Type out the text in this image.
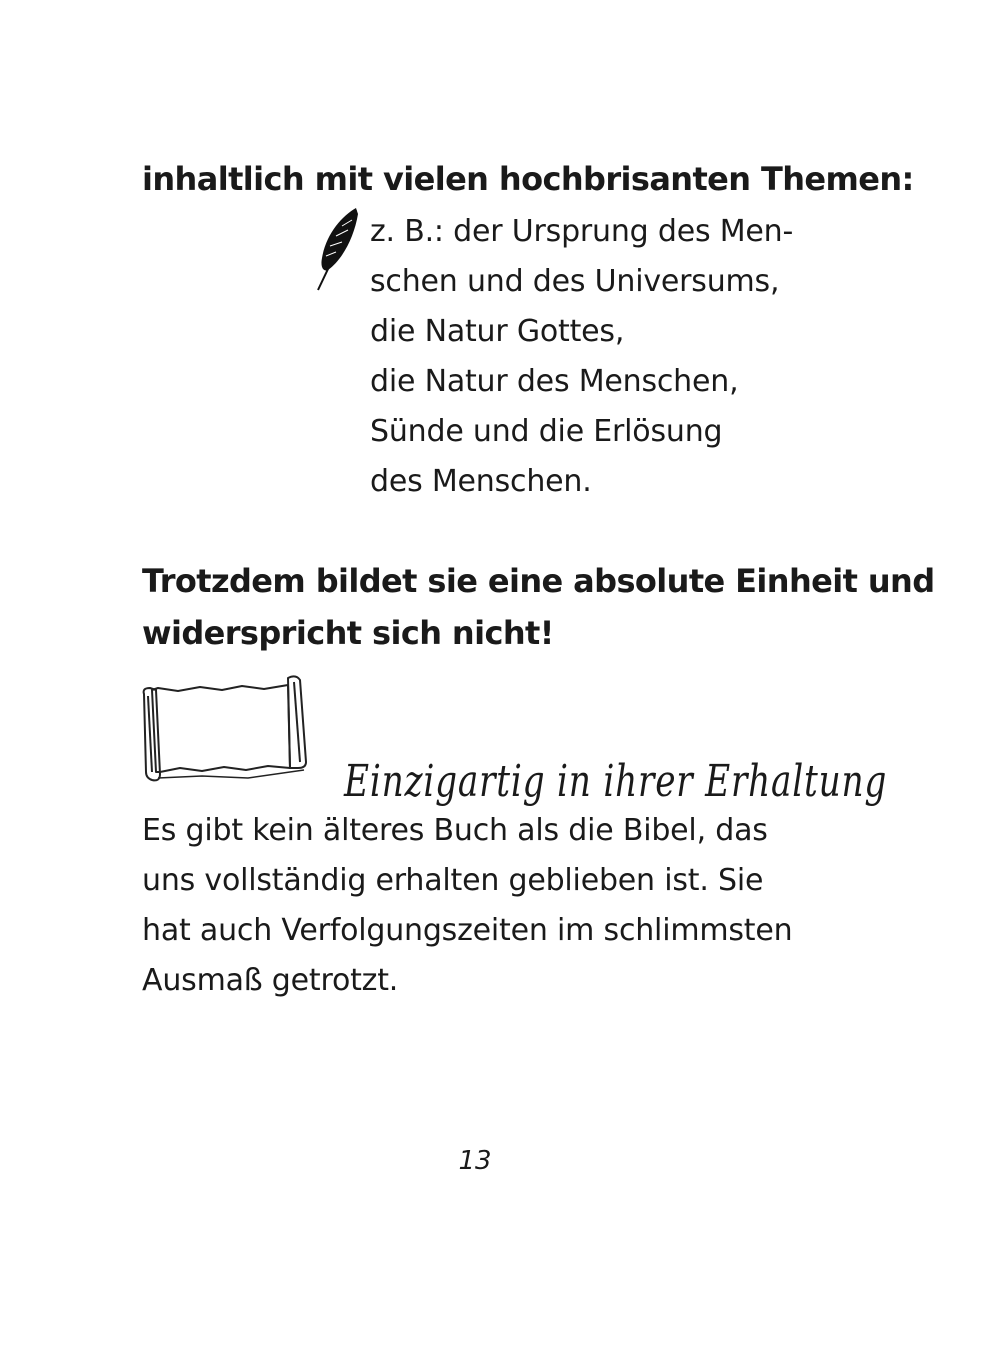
inhaltlich mit vielen hochbrisanten Themen:
z. B.: der Ursprung des Men-
schen und des Universums,
die Natur Gottes,
die Natur des Menschen,
Sünde und die Erlösung
des Menschen.
Trotzdem bildet sie eine absolute Einheit und
widerspricht sich nicht!
Einzigartig in ihrer Erhaltung
Es gibt kein älteres Buch als die Bibel, das
uns vollständig erhalten geblieben ist. Sie
hat auch Verfolgungszeiten im schlimmsten
Ausmaß getrotzt.
13
